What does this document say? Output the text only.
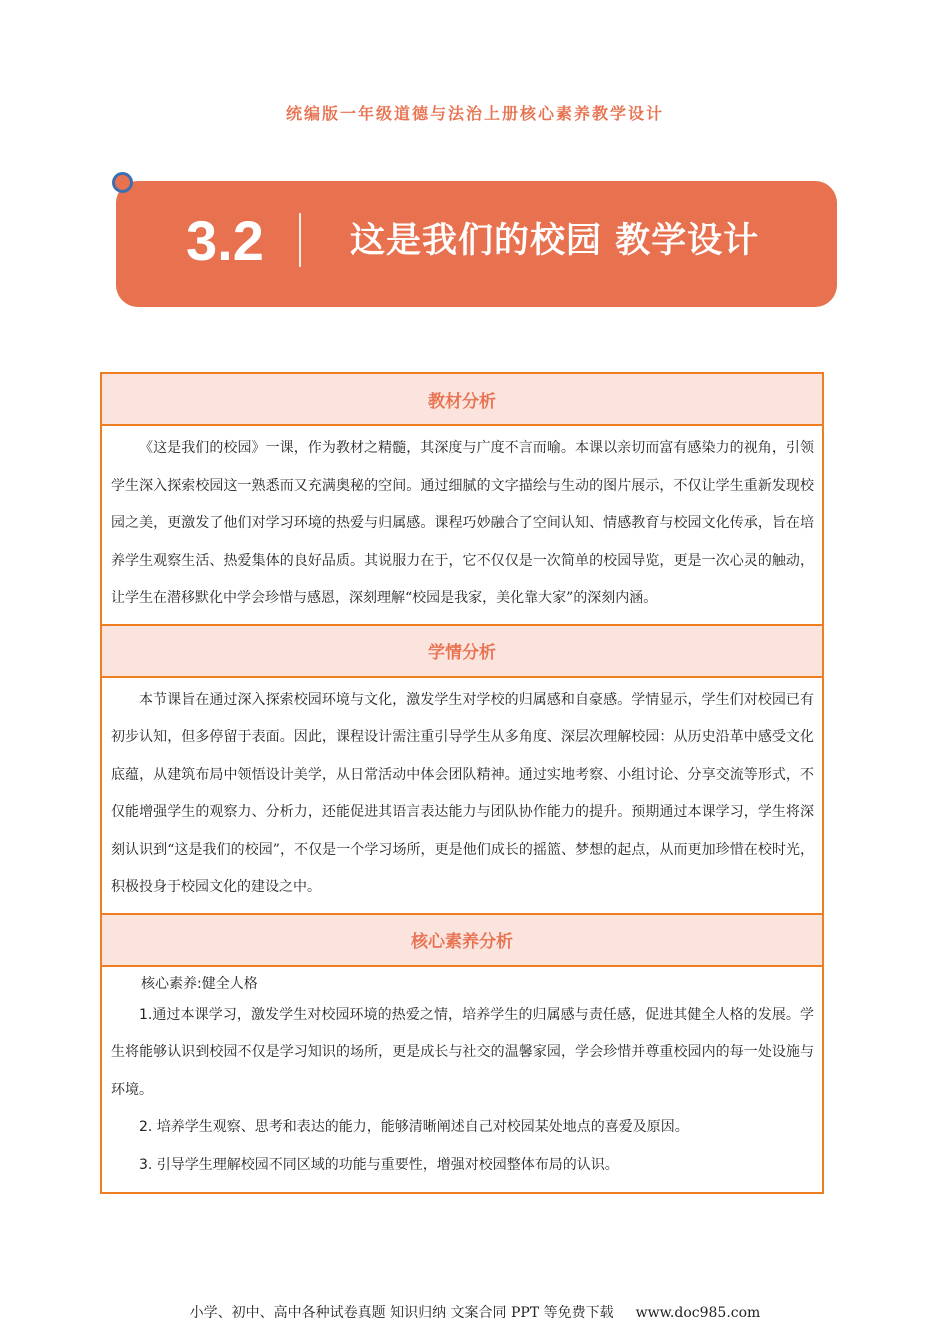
统编版一年级道德与法治上册核心素养教学设计
3.2 这是我们的校园 教学设计
教材分析
《这是我们的校园》一课，作为教材之精髓，其深度与广度不言而喻。本课以亲切而富有感染力的视角，引领学生深入探索校园这一熟悉而又充满奥秘的空间。通过细腻的文字描绘与生动的图片展示，不仅让学生重新发现校园之美，更激发了他们对学习环境的热爱与归属感。课程巧妙融合了空间认知、情感教育与校园文化传承，旨在培养学生观察生活、热爱集体的良好品质。其说服力在于，它不仅仅是一次简单的校园导览，更是一次心灵的触动，让学生在潜移默化中学会珍惜与感恩，深刻理解“校园是我家，美化靠大家”的深刻内涵。
学情分析
本节课旨在通过深入探索校园环境与文化，激发学生对学校的归属感和自豪感。学情显示，学生们对校园已有初步认知，但多停留于表面。因此，课程设计需注重引导学生从多角度、深层次理解校园：从历史沿革中感受文化底蕴，从建筑布局中领悟设计美学，从日常活动中体会团队精神。通过实地考察、小组讨论、分享交流等形式，不仅能增强学生的观察力、分析力，还能促进其语言表达能力与团队协作能力的提升。预期通过本课学习，学生将深刻认识到“这是我们的校园”，不仅是一个学习场所，更是他们成长的摇篮、梦想的起点，从而更加珍惜在校时光，积极投身于校园文化的建设之中。
核心素养分析
核心素养:健全人格

1.通过本课学习，激发学生对校园环境的热爱之情，培养学生的归属感与责任感，促进其健全人格的发展。学生将能够认识到校园不仅是学习知识的场所，更是成长与社交的温馨家园，学会珍惜并尊重校园内的每一处设施与环境。

2. 培养学生观察、思考和表达的能力，能够清晰阐述自己对校园某处地点的喜爱及原因。

3. 引导学生理解校园不同区域的功能与重要性，增强对校园整体布局的认识。

小学、初中、高中各种试卷真题 知识归纳 文案合同 PPT 等免费下载 www.doc985.com
